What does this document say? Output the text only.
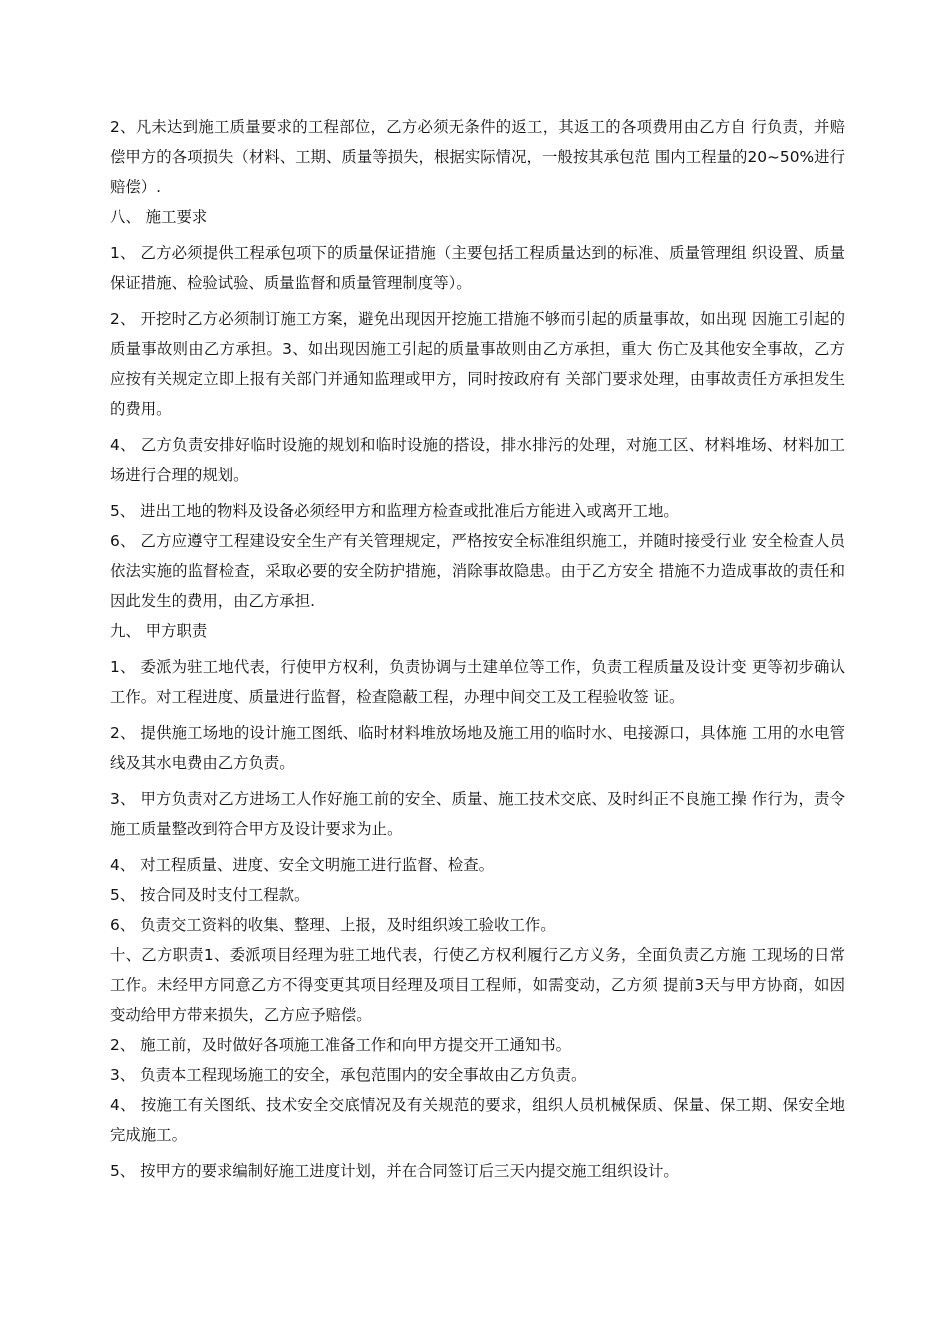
2、凡未达到施工质量要求的工程部位，乙方必须无条件的返工，其返工的各项费用由乙方自 行负责，并赔偿甲方的各项损失（材料、工期、质量等损失，根据实际情况，一般按其承包范 围内工程量的20~50%进行赔偿）.

八、 施工要求

1、 乙方必须提供工程承包项下的质量保证措施（主要包括工程质量达到的标准、质量管理组 织设置、质量保证措施、检验试验、质量监督和质量管理制度等）。

2、 开挖时乙方必须制订施工方案，避免出现因开挖施工措施不够而引起的质量事故，如出现 因施工引起的质量事故则由乙方承担。3、如出现因施工引起的质量事故则由乙方承担，重大 伤亡及其他安全事故，乙方应按有关规定立即上报有关部门并通知监理或甲方，同时按政府有 关部门要求处理，由事故责任方承担发生的费用。

4、 乙方负责安排好临时设施的规划和临时设施的搭设，排水排污的处理，对施工区、材料堆场、材料加工场进行合理的规划。

5、 进出工地的物料及设备必须经甲方和监理方检查或批准后方能进入或离开工地。

6、 乙方应遵守工程建设安全生产有关管理规定，严格按安全标准组织施工，并随时接受行业 安全检查人员依法实施的监督检查，采取必要的安全防护措施，消除事故隐患。由于乙方安全 措施不力造成事故的责任和因此发生的费用，由乙方承担.

九、 甲方职责

1、 委派为驻工地代表，行使甲方权利，负责协调与土建单位等工作，负责工程质量及设计变 更等初步确认工作。对工程进度、质量进行监督，检查隐蔽工程，办理中间交工及工程验收签 证。

2、 提供施工场地的设计施工图纸、临时材料堆放场地及施工用的临时水、电接源口，具体施 工用的水电管线及其水电费由乙方负责。

3、 甲方负责对乙方进场工人作好施工前的安全、质量、施工技术交底、及时纠正不良施工操 作行为，责令施工质量整改到符合甲方及设计要求为止。

4、 对工程质量、进度、安全文明施工进行监督、检查。

5、 按合同及时支付工程款。

6、 负责交工资料的收集、整理、上报，及时组织竣工验收工作。

十、乙方职责1、委派项目经理为驻工地代表，行使乙方权利履行乙方义务，全面负责乙方施 工现场的日常工作。未经甲方同意乙方不得变更其项目经理及项目工程师，如需变动，乙方须 提前3天与甲方协商，如因变动给甲方带来损失，乙方应予赔偿。

2、 施工前，及时做好各项施工准备工作和向甲方提交开工通知书。

3、 负责本工程现场施工的安全，承包范围内的安全事故由乙方负责。

4、 按施工有关图纸、技术安全交底情况及有关规范的要求，组织人员机械保质、保量、保工期、保安全地完成施工。

5、 按甲方的要求编制好施工进度计划，并在合同签订后三天内提交施工组织设计。
